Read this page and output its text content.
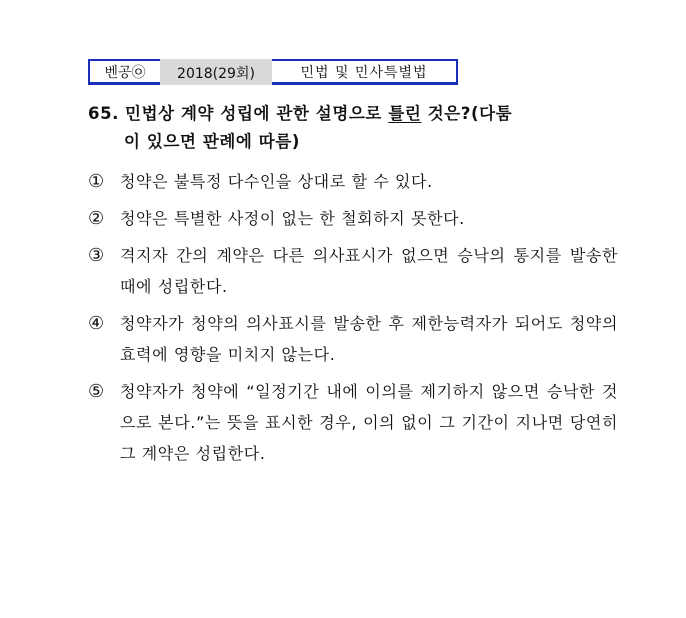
벤공㉧	2018(29회)	민법 및 민사특별법
65. 민법상 계약 성립에 관한 설명으로 틀린 것은?(다툼
이 있으면 판례에 따름)
① 청약은 불특정 다수인을 상대로 할 수 있다.
② 청약은 특별한 사정이 없는 한 철회하지 못한다.
③ 격지자 간의 계약은 다른 의사표시가 없으면 승낙의 통지를 발송한 때에 성립한다.
④ 청약자가 청약의 의사표시를 발송한 후 제한능력자가 되어도 청약의 효력에 영향을 미치지 않는다.
⑤ 청약자가 청약에 “일정기간 내에 이의를 제기하지 않으면 승낙한 것으로 본다.”는 뜻을 표시한 경우, 이의 없이 그 기간이 지나면 당연히 그 계약은 성립한다.
